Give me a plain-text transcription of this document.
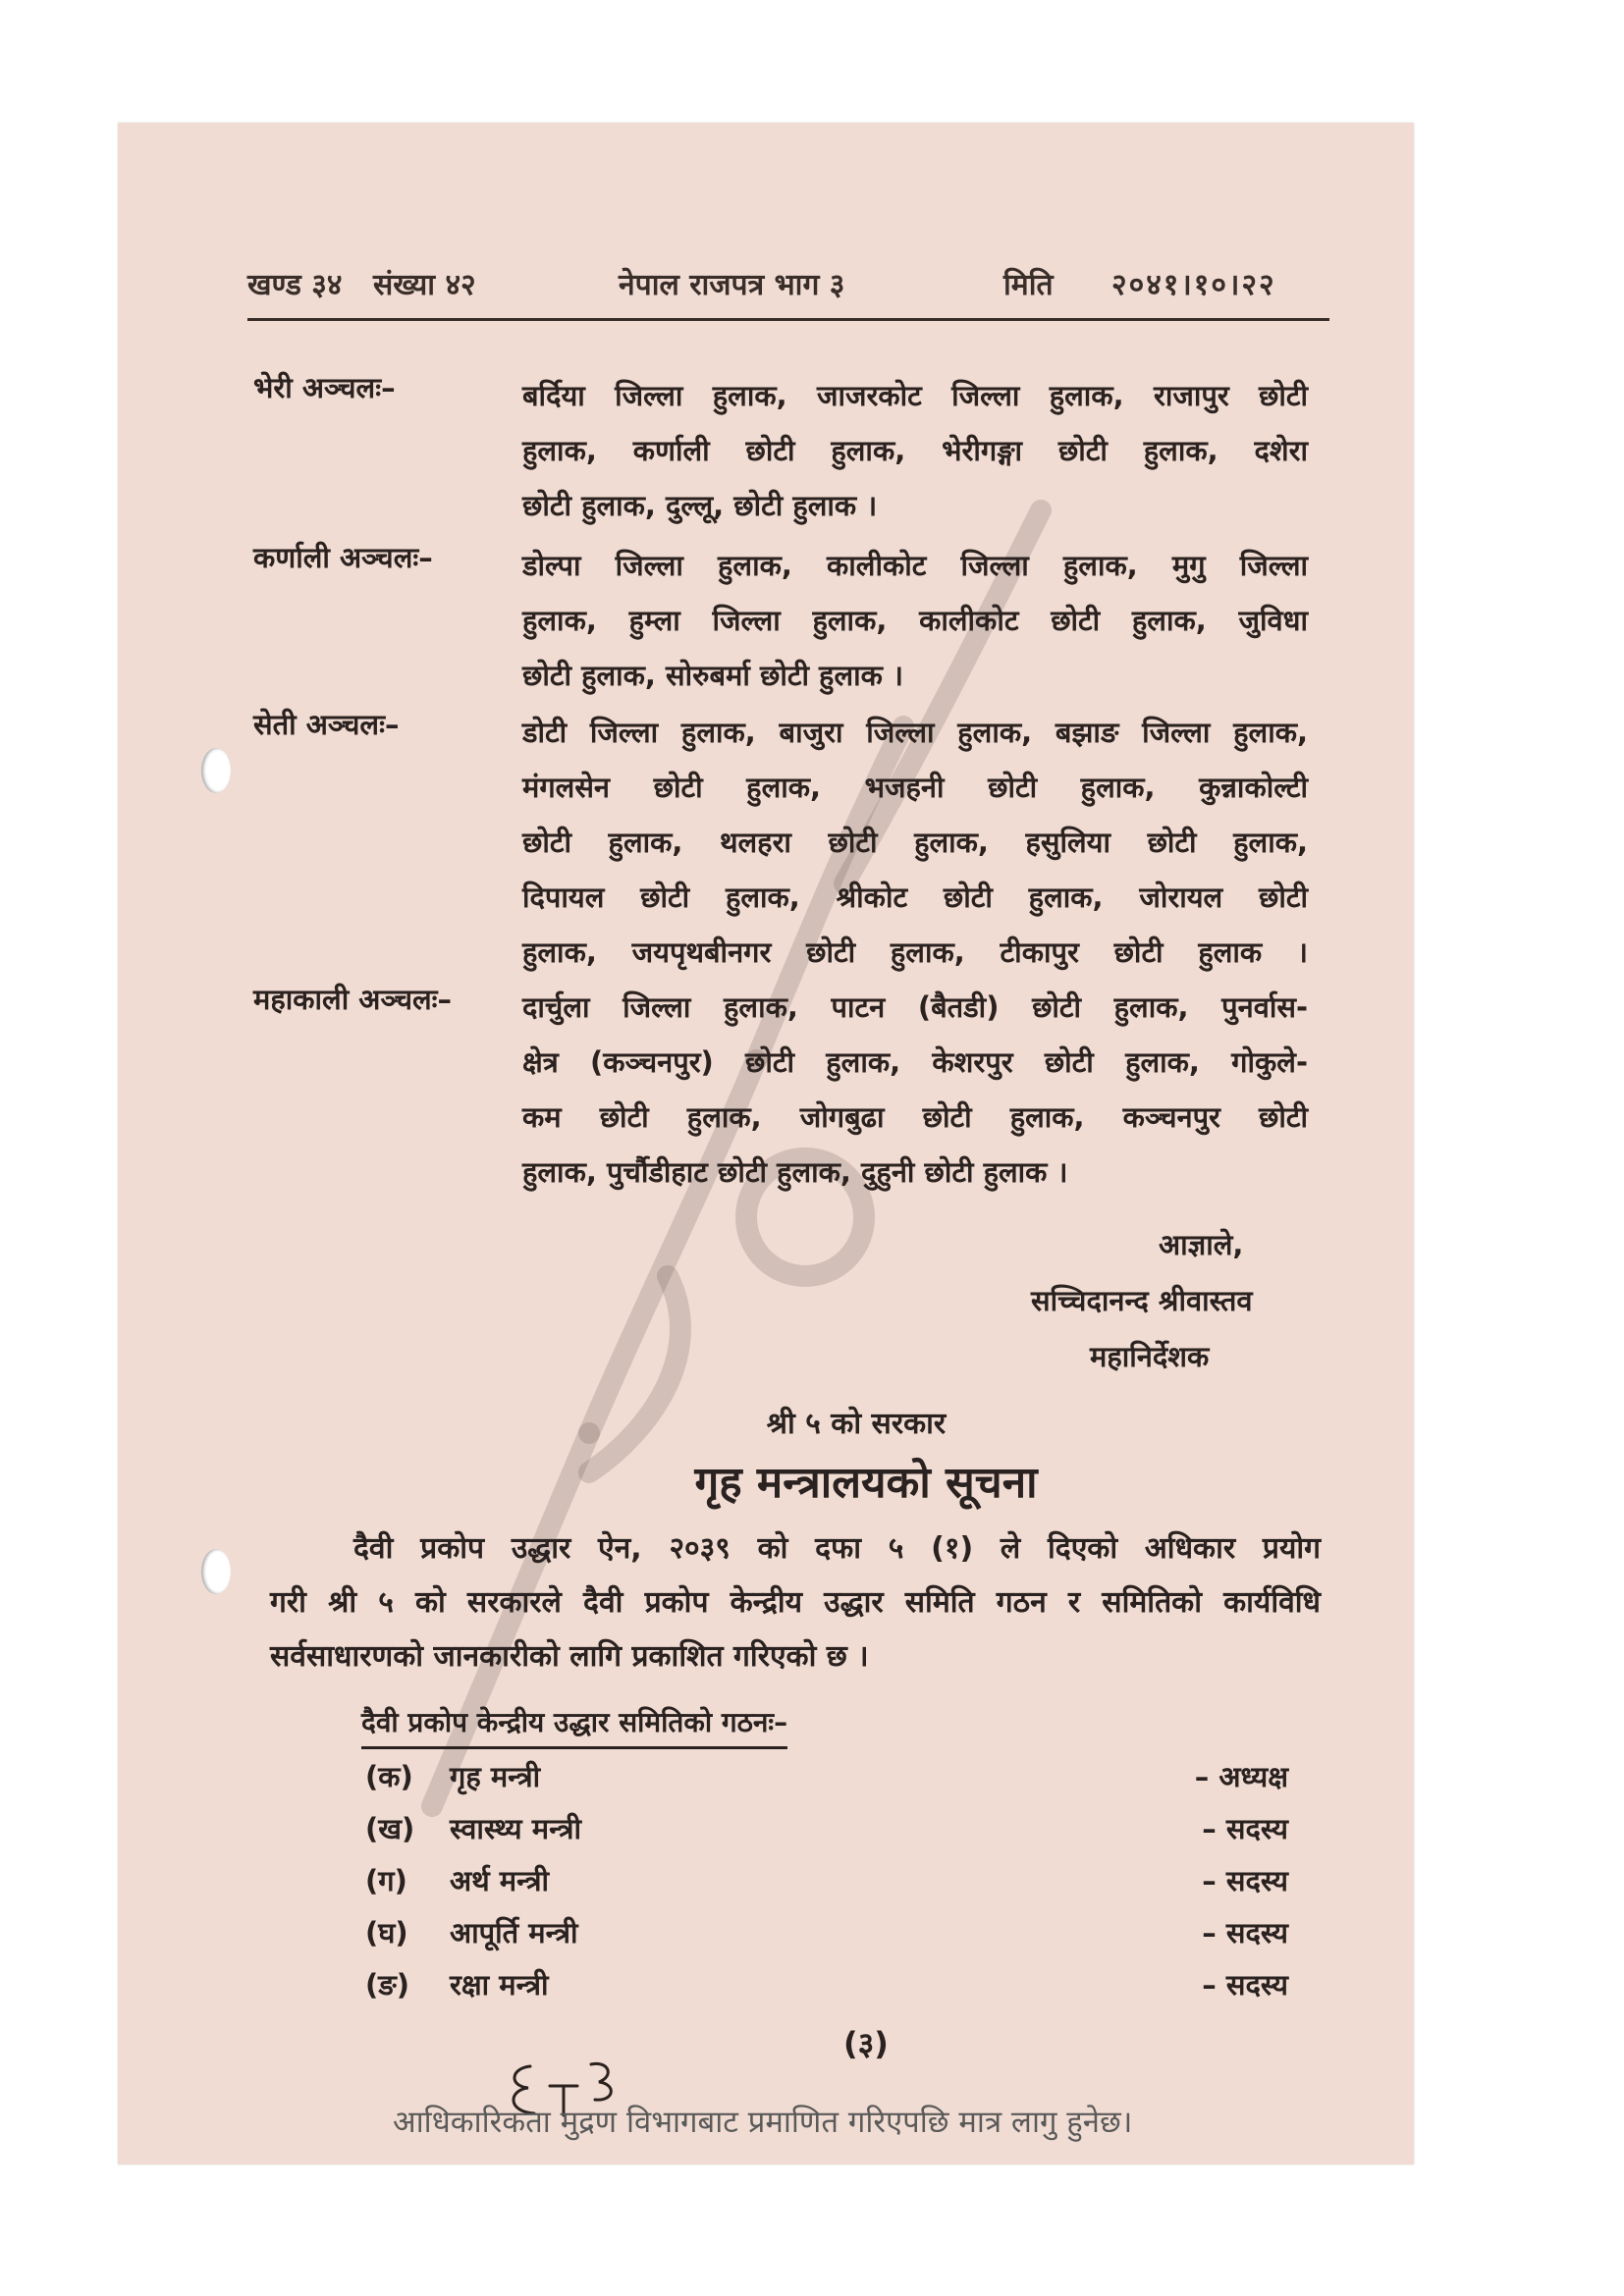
खण्ड ३४ संख्या ४२	नेपाल राजपत्र भाग ३	मिति २०४१।१०।२२
भेरी अञ्चलः–	बर्दिया जिल्ला हुलाक, जाजरकोट जिल्ला हुलाक, राजापुर छोटी
हुलाक, कर्णाली छोटी हुलाक, भेरीगङ्गा छोटी हुलाक, दशेरा
छोटी हुलाक, दुल्लू, छोटी हुलाक ।
कर्णाली अञ्चलः–	डोल्पा जिल्ला हुलाक, कालीकोट जिल्ला हुलाक, मुगु जिल्ला
हुलाक, हुम्ला जिल्ला हुलाक, कालीकोट छोटी हुलाक, जुविधा
छोटी हुलाक, सोरुबर्मा छोटी हुलाक ।
सेती अञ्चलः–	डोटी जिल्ला हुलाक, बाजुरा जिल्ला हुलाक, बझाङ जिल्ला हुलाक,
मंगलसेन छोटी हुलाक, भजहनी छोटी हुलाक, कुन्नाकोल्टी
छोटी हुलाक, थलहरा छोटी हुलाक, हसुलिया छोटी हुलाक,
दिपायल छोटी हुलाक, श्रीकोट छोटी हुलाक, जोरायल छोटी
हुलाक, जयपृथबीनगर छोटी हुलाक, टीकापुर छोटी हुलाक ।
महाकाली अञ्चलः– दार्चुला जिल्ला हुलाक, पाटन (बैतडी) छोटी हुलाक, पुनर्वास-
क्षेत्र (कञ्चनपुर) छोटी हुलाक, केशरपुर छोटी हुलाक, गोकुले-
कम छोटी हुलाक, जोगबुढा छोटी हुलाक, कञ्चनपुर छोटी
हुलाक, पुर्चौडीहाट छोटी हुलाक, दुहुनी छोटी हुलाक ।
आज्ञाले,
सच्चिदानन्द श्रीवास्तव
महानिर्देशक
श्री ५ को सरकार
गृह मन्त्रालयको सूचना
दैवी प्रकोप उद्धार ऐन, २०३९ को दफा ५ (१) ले दिएको अधिकार प्रयोग
गरी श्री ५ को सरकारले दैवी प्रकोप केन्द्रीय उद्धार समिति गठन र समितिको कार्यविधि
सर्वसाधारणको जानकारीको लागि प्रकाशित गरिएको छ ।
दैवी प्रकोप केन्द्रीय उद्धार समितिको गठनः–
(क) गृह मन्त्री	– अध्यक्ष
(ख) स्वास्थ्य मन्त्री	– सदस्य
(ग) अर्थ मन्त्री	– सदस्य
(घ) आपूर्ति मन्त्री	– सदस्य
(ङ) रक्षा मन्त्री	– सदस्य
(३)
आधिकारिकता मुद्रण विभागबाट प्रमाणित गरिएपछि मात्र लागु हुनेछ।
